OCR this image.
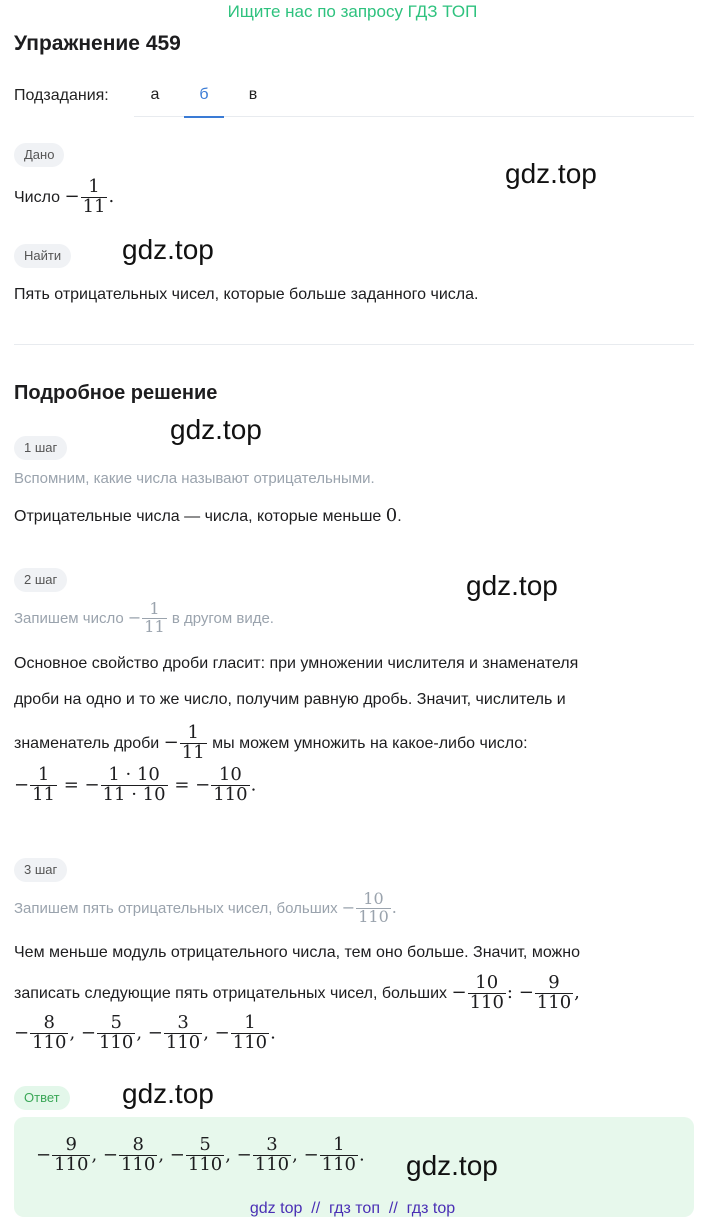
Ищите нас по запросу ГДЗ ТОП
Упражнение 459
Подзадания:	а	б	в
Дано
Число − $\frac{1}{11}$ .
gdz.top
Найти	gdz.top
Пять отрицательных чисел, которые больше заданного числа.
Подробное решение
1 шаг
gdz.top
Вспомним, какие числа называют отрицательными.
Отрицательные числа — числа, которые меньше 0.
2 шаг	gdz.top
Запишем число − $\frac{1}{11}$ в другом виде.
Основное свойство дроби гласит: при умножении числителя и знаменателя
дроби на одно и то же число, получим равную дробь. Значит, числитель и
знаменатель дроби − $\frac{1}{11}$ мы можем умножить на какое-либо число:
− $\frac{1}{11}$ = − $\frac{1 \cdot 10}{11 \cdot 10}$ = − $\frac{10}{110}$ .
3 шаг
Запишем пять отрицательных чисел, больших − $\frac{10}{110}$ .
Чем меньше модуль отрицательного числа, тем оно больше. Значит, можно
записать следующие пять отрицательных чисел, больших − $\frac{10}{110}$ : − $\frac{9}{110}$ ,
− $\frac{8}{110}$ , − $\frac{5}{110}$ , − $\frac{3}{110}$ , − $\frac{1}{110}$ .
Ответ	gdz.top
− $\frac{9}{110}$ , − $\frac{8}{110}$ , − $\frac{5}{110}$ , − $\frac{3}{110}$ , − $\frac{1}{110}$ . gdz.top
gdz top  //  гдз топ  //  гдз top
